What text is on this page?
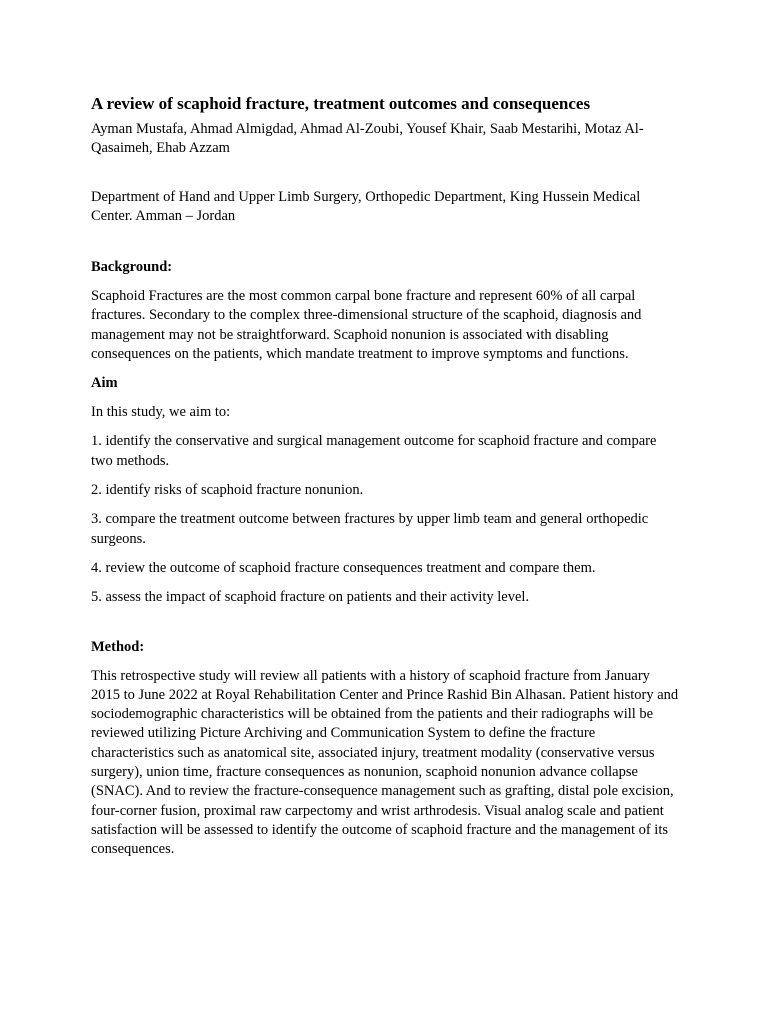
A review of scaphoid fracture, treatment outcomes and consequences

Ayman Mustafa, Ahmad Almigdad, Ahmad Al-Zoubi, Yousef Khair, Saab Mestarihi, Motaz Al-Qasaimeh, Ehab Azzam

Department of Hand and Upper Limb Surgery, Orthopedic Department, King Hussein Medical Center. Amman – Jordan

Background:

Scaphoid Fractures are the most common carpal bone fracture and represent 60% of all carpal fractures. Secondary to the complex three-dimensional structure of the scaphoid, diagnosis and management may not be straightforward. Scaphoid nonunion is associated with disabling consequences on the patients, which mandate treatment to improve symptoms and functions.

Aim

In this study, we aim to:

1. identify the conservative and surgical management outcome for scaphoid fracture and compare two methods.
2. identify risks of scaphoid fracture nonunion.
3. compare the treatment outcome between fractures by upper limb team and general orthopedic surgeons.
4. review the outcome of scaphoid fracture consequences treatment and compare them.
5. assess the impact of scaphoid fracture on patients and their activity level.
Method:

This retrospective study will review all patients with a history of scaphoid fracture from January 2015 to June 2022 at Royal Rehabilitation Center and Prince Rashid Bin Alhasan. Patient history and sociodemographic characteristics will be obtained from the patients and their radiographs will be reviewed utilizing Picture Archiving and Communication System to define the fracture characteristics such as anatomical site, associated injury, treatment modality (conservative versus surgery), union time, fracture consequences as nonunion, scaphoid nonunion advance collapse (SNAC). And to review the fracture-consequence management such as grafting, distal pole excision, four-corner fusion, proximal raw carpectomy and wrist arthrodesis. Visual analog scale and patient satisfaction will be assessed to identify the outcome of scaphoid fracture and the management of its consequences.
